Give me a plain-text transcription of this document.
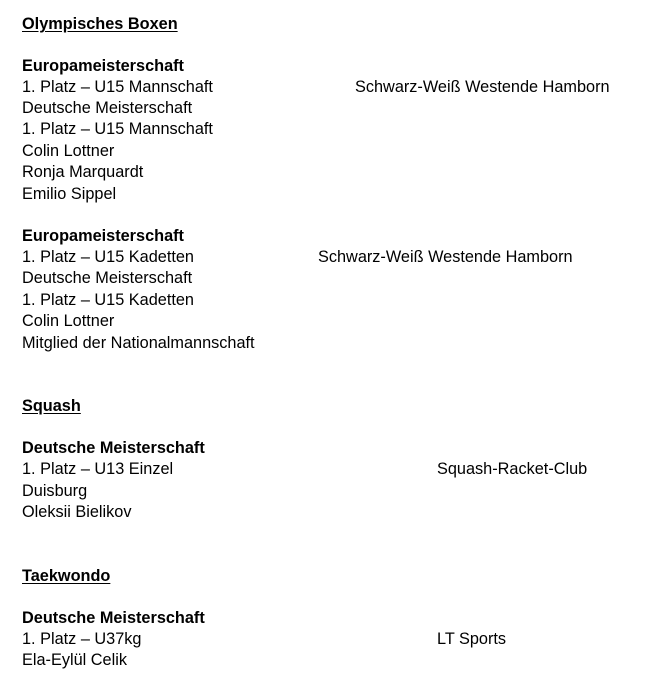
Olympisches Boxen
Europameisterschaft
1. Platz – U15 Mannschaft	Schwarz-Weiß Westende Hamborn
Deutsche Meisterschaft
1. Platz – U15 Mannschaft
Colin Lottner
Ronja Marquardt
Emilio Sippel
Europameisterschaft
1. Platz – U15 Kadetten	Schwarz-Weiß Westende Hamborn
Deutsche Meisterschaft
1. Platz – U15 Kadetten
Colin Lottner
Mitglied der Nationalmannschaft
Squash
Deutsche Meisterschaft
1. Platz – U13 Einzel	Squash-Racket-Club
Duisburg
Oleksii Bielikov
Taekwondo
Deutsche Meisterschaft
1. Platz – U37kg	LT Sports
Ela-Eylül Celik
